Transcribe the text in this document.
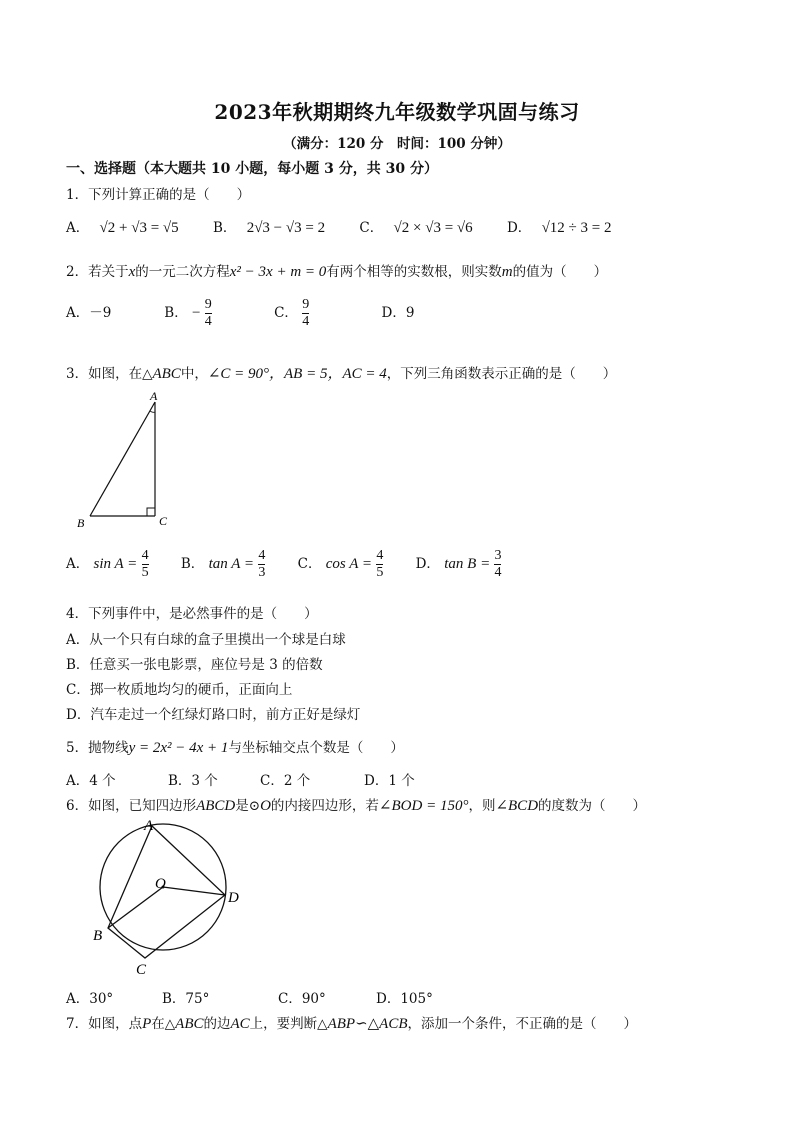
2023年秋期期终九年级数学巩固与练习
（满分：120 分　时间：100 分钟）
一、选择题（本大题共 10 小题，每小题 3 分，共 30 分）
1．下列计算正确的是（　　）
A． √2 + √3 = √5	B． 2√3 − √3 = 2	C． √2 × √3 = √6	D． √12 ÷ 3 = 2
2．若关于x的一元二次方程x² − 3x + m = 0有两个相等的实数根，则实数m的值为（　　）
A．－9	B． − $\frac{9}{4}$	C． $\frac{9}{4}$	D．9
3．如图，在△ABC中，∠C = 90°，AB = 5，AC = 4，下列三角函数表示正确的是（　　）
A
B	C
A． $\sin A = \frac{4}{5}$ B． $\tan A = \frac{4}{3}$ C． $\cos A = \frac{4}{5}$ D． $\tan B = \frac{3}{4}$
4．下列事件中，是必然事件的是（　　）
A．从一个只有白球的盒子里摸出一个球是白球
B．任意买一张电影票，座位号是 3 的倍数
C．掷一枚质地均匀的硬币，正面向上
D．汽车走过一个红绿灯路口时，前方正好是绿灯
5．抛物线y = 2x² − 4x + 1与坐标轴交点个数是（　　）
A．4 个	B．3 个	C．2 个	D．1 个
6．如图，已知四边形ABCD是⊙O的内接四边形，若∠BOD = 150°，则∠BCD的度数为（　　）
A
B
C
D
O
A．30°	B．75°	C．90°	D．105°
7．如图，点P在△ABC的边AC上，要判断△ABP∽△ACB，添加一个条件，不正确的是（　　）
